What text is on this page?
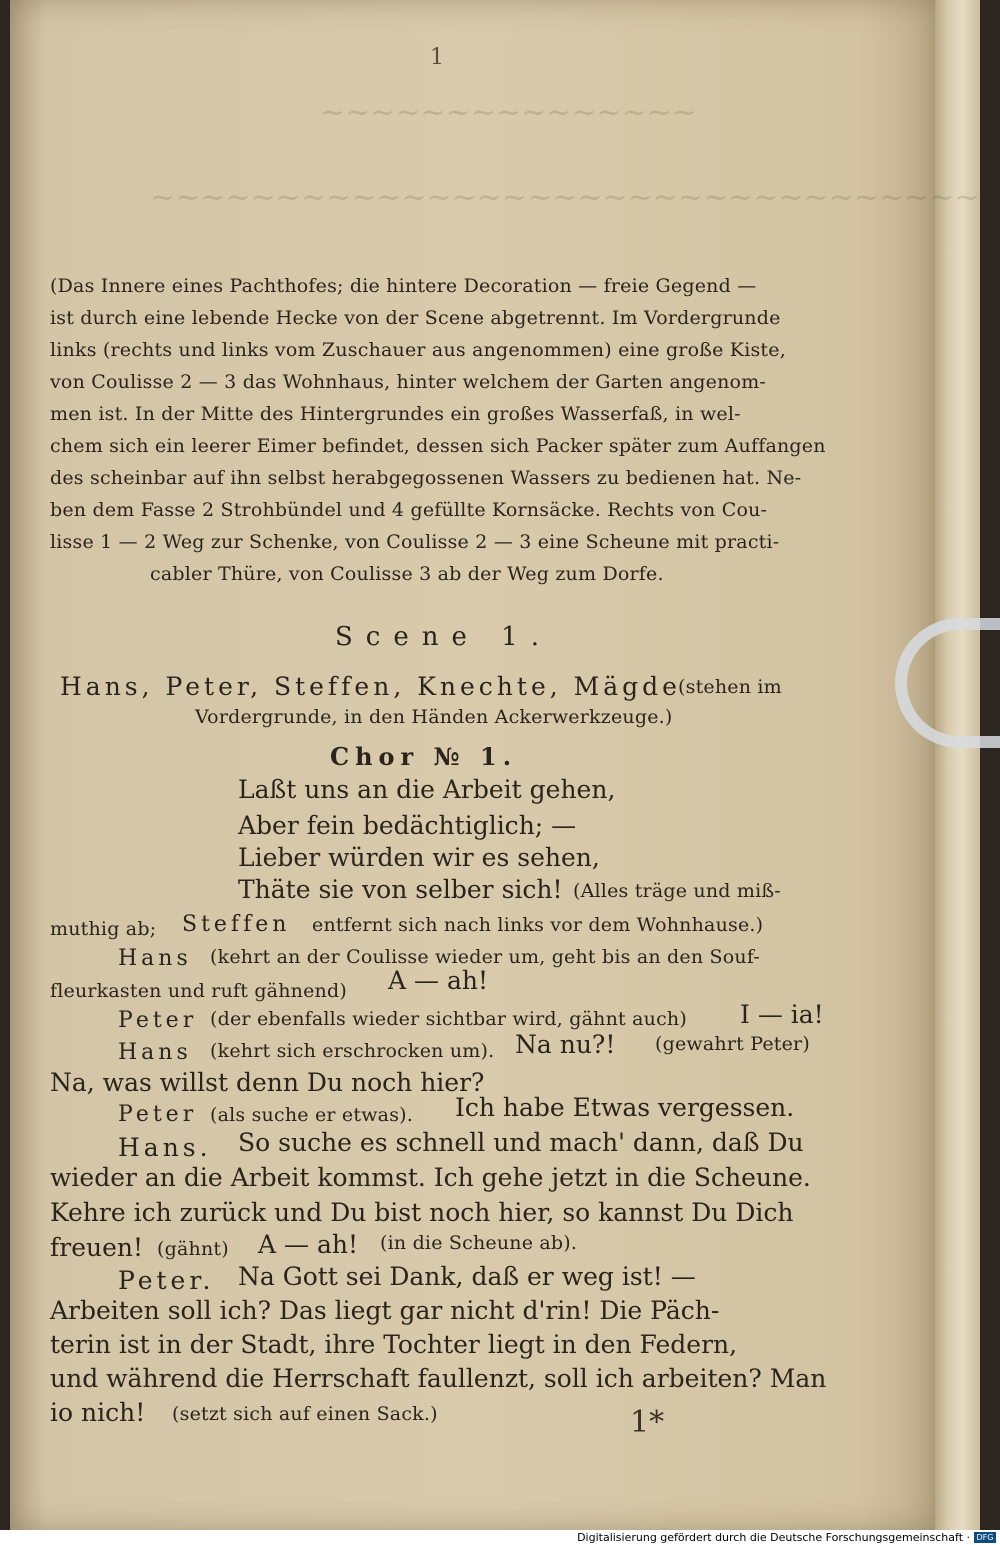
~~~~~~~~~~~~~~~
~~~~~~~~~~~~~~~~~~~~~~~~~~~~~~~~~
1
(Das Innere eines Pachthofes; die hintere Decoration — freie Gegend —
ist durch eine lebende Hecke von der Scene abgetrennt. Im Vordergrunde
links (rechts und links vom Zuschauer aus angenommen) eine große Kiste,
von Coulisse 2 — 3 das Wohnhaus, hinter welchem der Garten angenom-
men ist. In der Mitte des Hintergrundes ein großes Wasserfaß, in wel-
chem sich ein leerer Eimer befindet, dessen sich Packer später zum Auffangen
des scheinbar auf ihn selbst herabgegossenen Wassers zu bedienen hat. Ne-
ben dem Fasse 2 Strohbündel und 4 gefüllte Kornsäcke. Rechts von Cou-
lisse 1 — 2 Weg zur Schenke, von Coulisse 2 — 3 eine Scheune mit practi-
cabler Thüre, von Coulisse 3 ab der Weg zum Dorfe.
Scene 1.
Hans, Peter, Steffen, Knechte, Mägde
(stehen im
Vordergrunde, in den Händen Ackerwerkzeuge.)
Chor № 1.
Laßt uns an die Arbeit gehen,
Aber fein bedächtiglich; —
Lieber würden wir es sehen,
Thäte sie von selber sich! (Alles träge und miß-
muthig ab; Steffen entfernt sich nach links vor dem Wohnhause.)
Hans (kehrt an der Coulisse wieder um, geht bis an den Souf-
fleurkasten und ruft gähnend) A — ah!
Peter (der ebenfalls wieder sichtbar wird, gähnt auch) I — ia!
Hans (kehrt sich erschrocken um). Na nu?! (gewahrt Peter)
Na, was willst denn Du noch hier?
Peter (als suche er etwas). Ich habe Etwas vergessen.
Hans. So suche es schnell und mach' dann, daß Du
wieder an die Arbeit kommst. Ich gehe jetzt in die Scheune.
Kehre ich zurück und Du bist noch hier, so kannst Du Dich
freuen! (gähnt) A — ah! (in die Scheune ab).
Peter. Na Gott sei Dank, daß er weg ist! —
Arbeiten soll ich? Das liegt gar nicht d'rin! Die Päch-
terin ist in der Stadt, ihre Tochter liegt in den Federn,
und während die Herrschaft faullenzt, soll ich arbeiten? Man
io nich! (setzt sich auf einen Sack.)	1*
Digitalisierung gefördert durch die Deutsche Forschungsgemeinschaft · DFG
